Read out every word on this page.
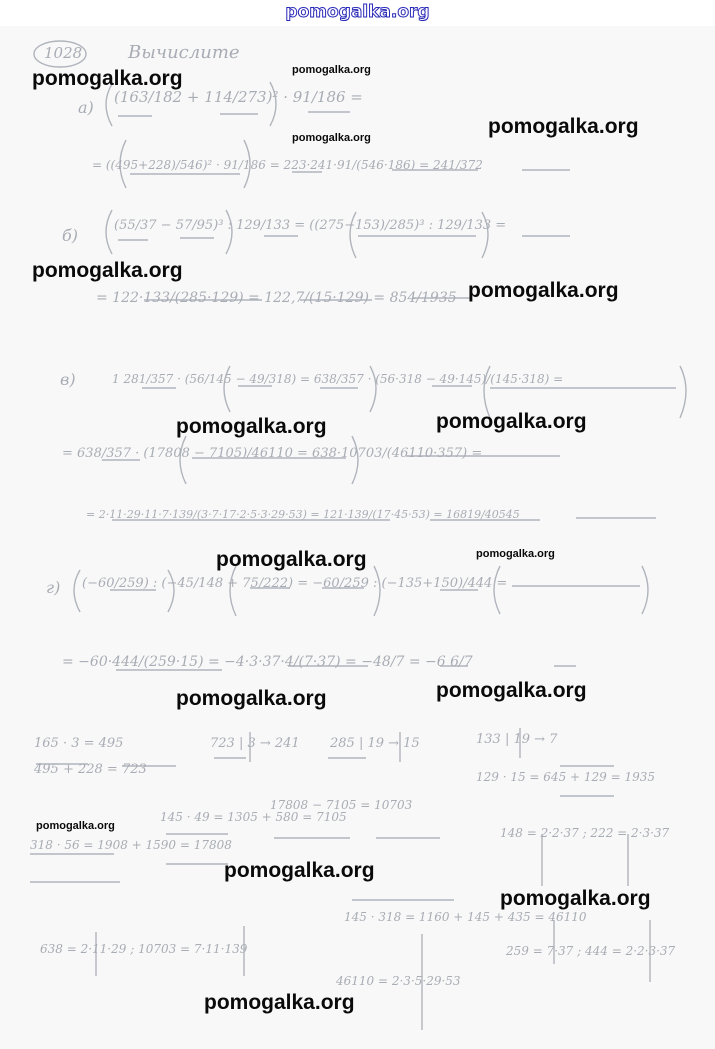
pomogalka.org
1028	Вычислите
а)
(163/182 + 114/273)² · 91/186 =
= ((495+228)/546)² · 91/186 = 223·241·91/(546·186) = 241/372
б)
(55/37 − 57/95)³ : 129/133 = ((275−153)/285)³ : 129/133 =
= 122·133/(285·129) = 122,7/(15·129) = 854/1935
в)	1 281/357 · (56/145 − 49/318) = 638/357 · (56·318 − 49·145)/(145·318) =
= 638/357 · (17808 − 7105)/46110 = 638·10703/(46110·357) =
= 2·11·29·11·7·139/(3·7·17·2·5·3·29·53) = 121·139/(17·45·53) = 16819/40545
г) (−60/259) : (−45/148 + 75/222) = −60/259 : (−135+150)/444 =
= −60·444/(259·15) = −4·3·37·4/(7·37) = −48/7 = −6 6/7
165 · 3 = 495
495 + 228 = 723
723 | 3 → 241 285 | 19 → 15	133 | 19 → 7
129 · 15 = 645 + 129 = 1935
318 · 56 = 1908 + 1590 = 17808
145 · 49 = 1305 + 580 = 7105
17808 − 7105 = 10703
145 · 318 = 1160 + 145 + 435 = 46110
148 = 2·2·37 ; 222 = 2·3·37
638 = 2·11·29 ; 10703 = 7·11·139
46110 = 2·3·5·29·53
259 = 7·37 ; 444 = 2·2·3·37
pomogalka.org	pomogalka.org
pomogalka.org
pomogalka.org
pomogalka.org
pomogalka.org
pomogalka.org	pomogalka.org
pomogalka.org	pomogalka.org
pomogalka.org	pomogalka.org
pomogalka.org
pomogalka.org
pomogalka.org
pomogalka.org
